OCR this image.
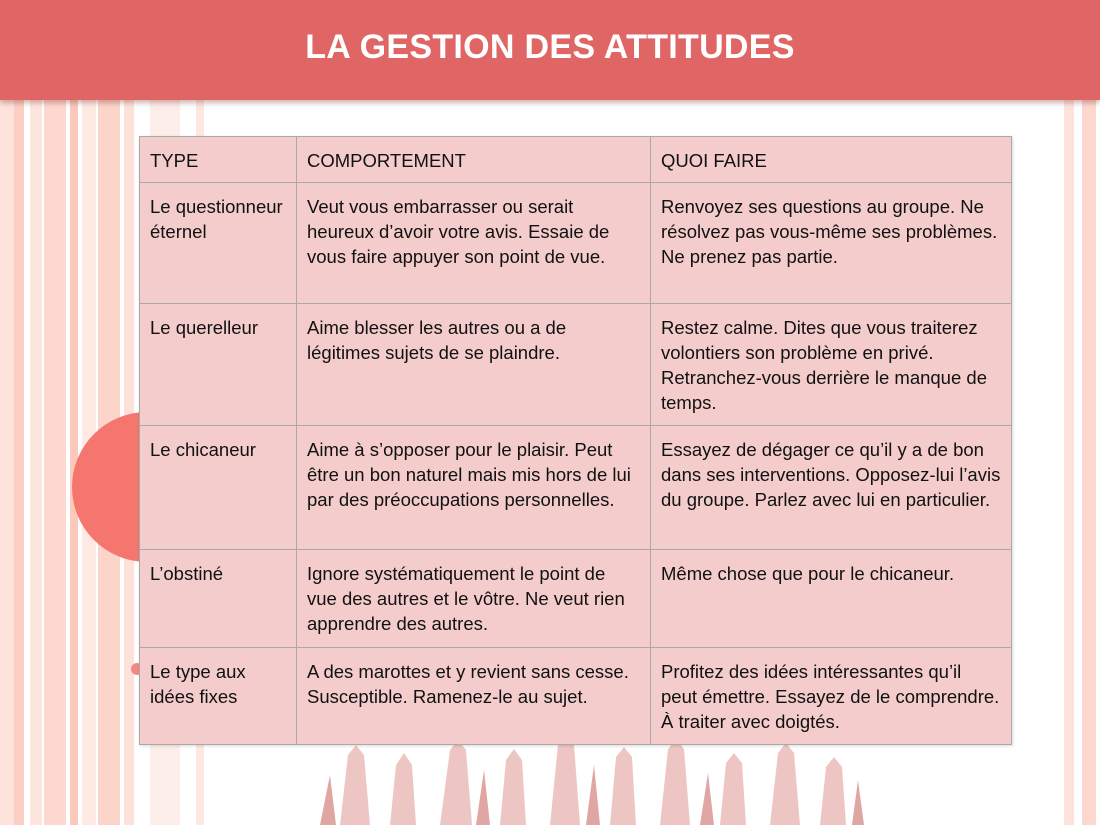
LA GESTION DES ATTITUDES
TYPE	COMPORTEMENT	QUOI FAIRE
Le questionneur éternel	Veut vous embarrasser ou serait heureux d’avoir votre avis. Essaie de vous faire appuyer son point de vue.	Renvoyez ses questions au groupe. Ne résolvez pas vous-même ses problèmes. Ne prenez pas partie.
Le querelleur	Aime blesser les autres ou a de légitimes sujets de se plaindre.	Restez calme. Dites que vous traiterez volontiers son problème en privé. Retranchez-vous derrière le manque de temps.
Le chicaneur	Aime à s’opposer pour le plaisir. Peut être un bon naturel mais mis hors de lui par des préoccupations personnelles.	Essayez de dégager ce qu’il y a de bon dans ses interventions. Opposez-lui l’avis du groupe. Parlez avec lui en particulier.
L’obstiné	Ignore systématiquement le point de vue des autres et le vôtre. Ne veut rien apprendre des autres.	Même chose que pour le chicaneur.
Le type aux idées fixes	A des marottes et y revient sans cesse. Susceptible. Ramenez-le au sujet.	Profitez des idées intéressantes qu’il peut émettre. Essayez de le comprendre. À traiter avec doigtés.
